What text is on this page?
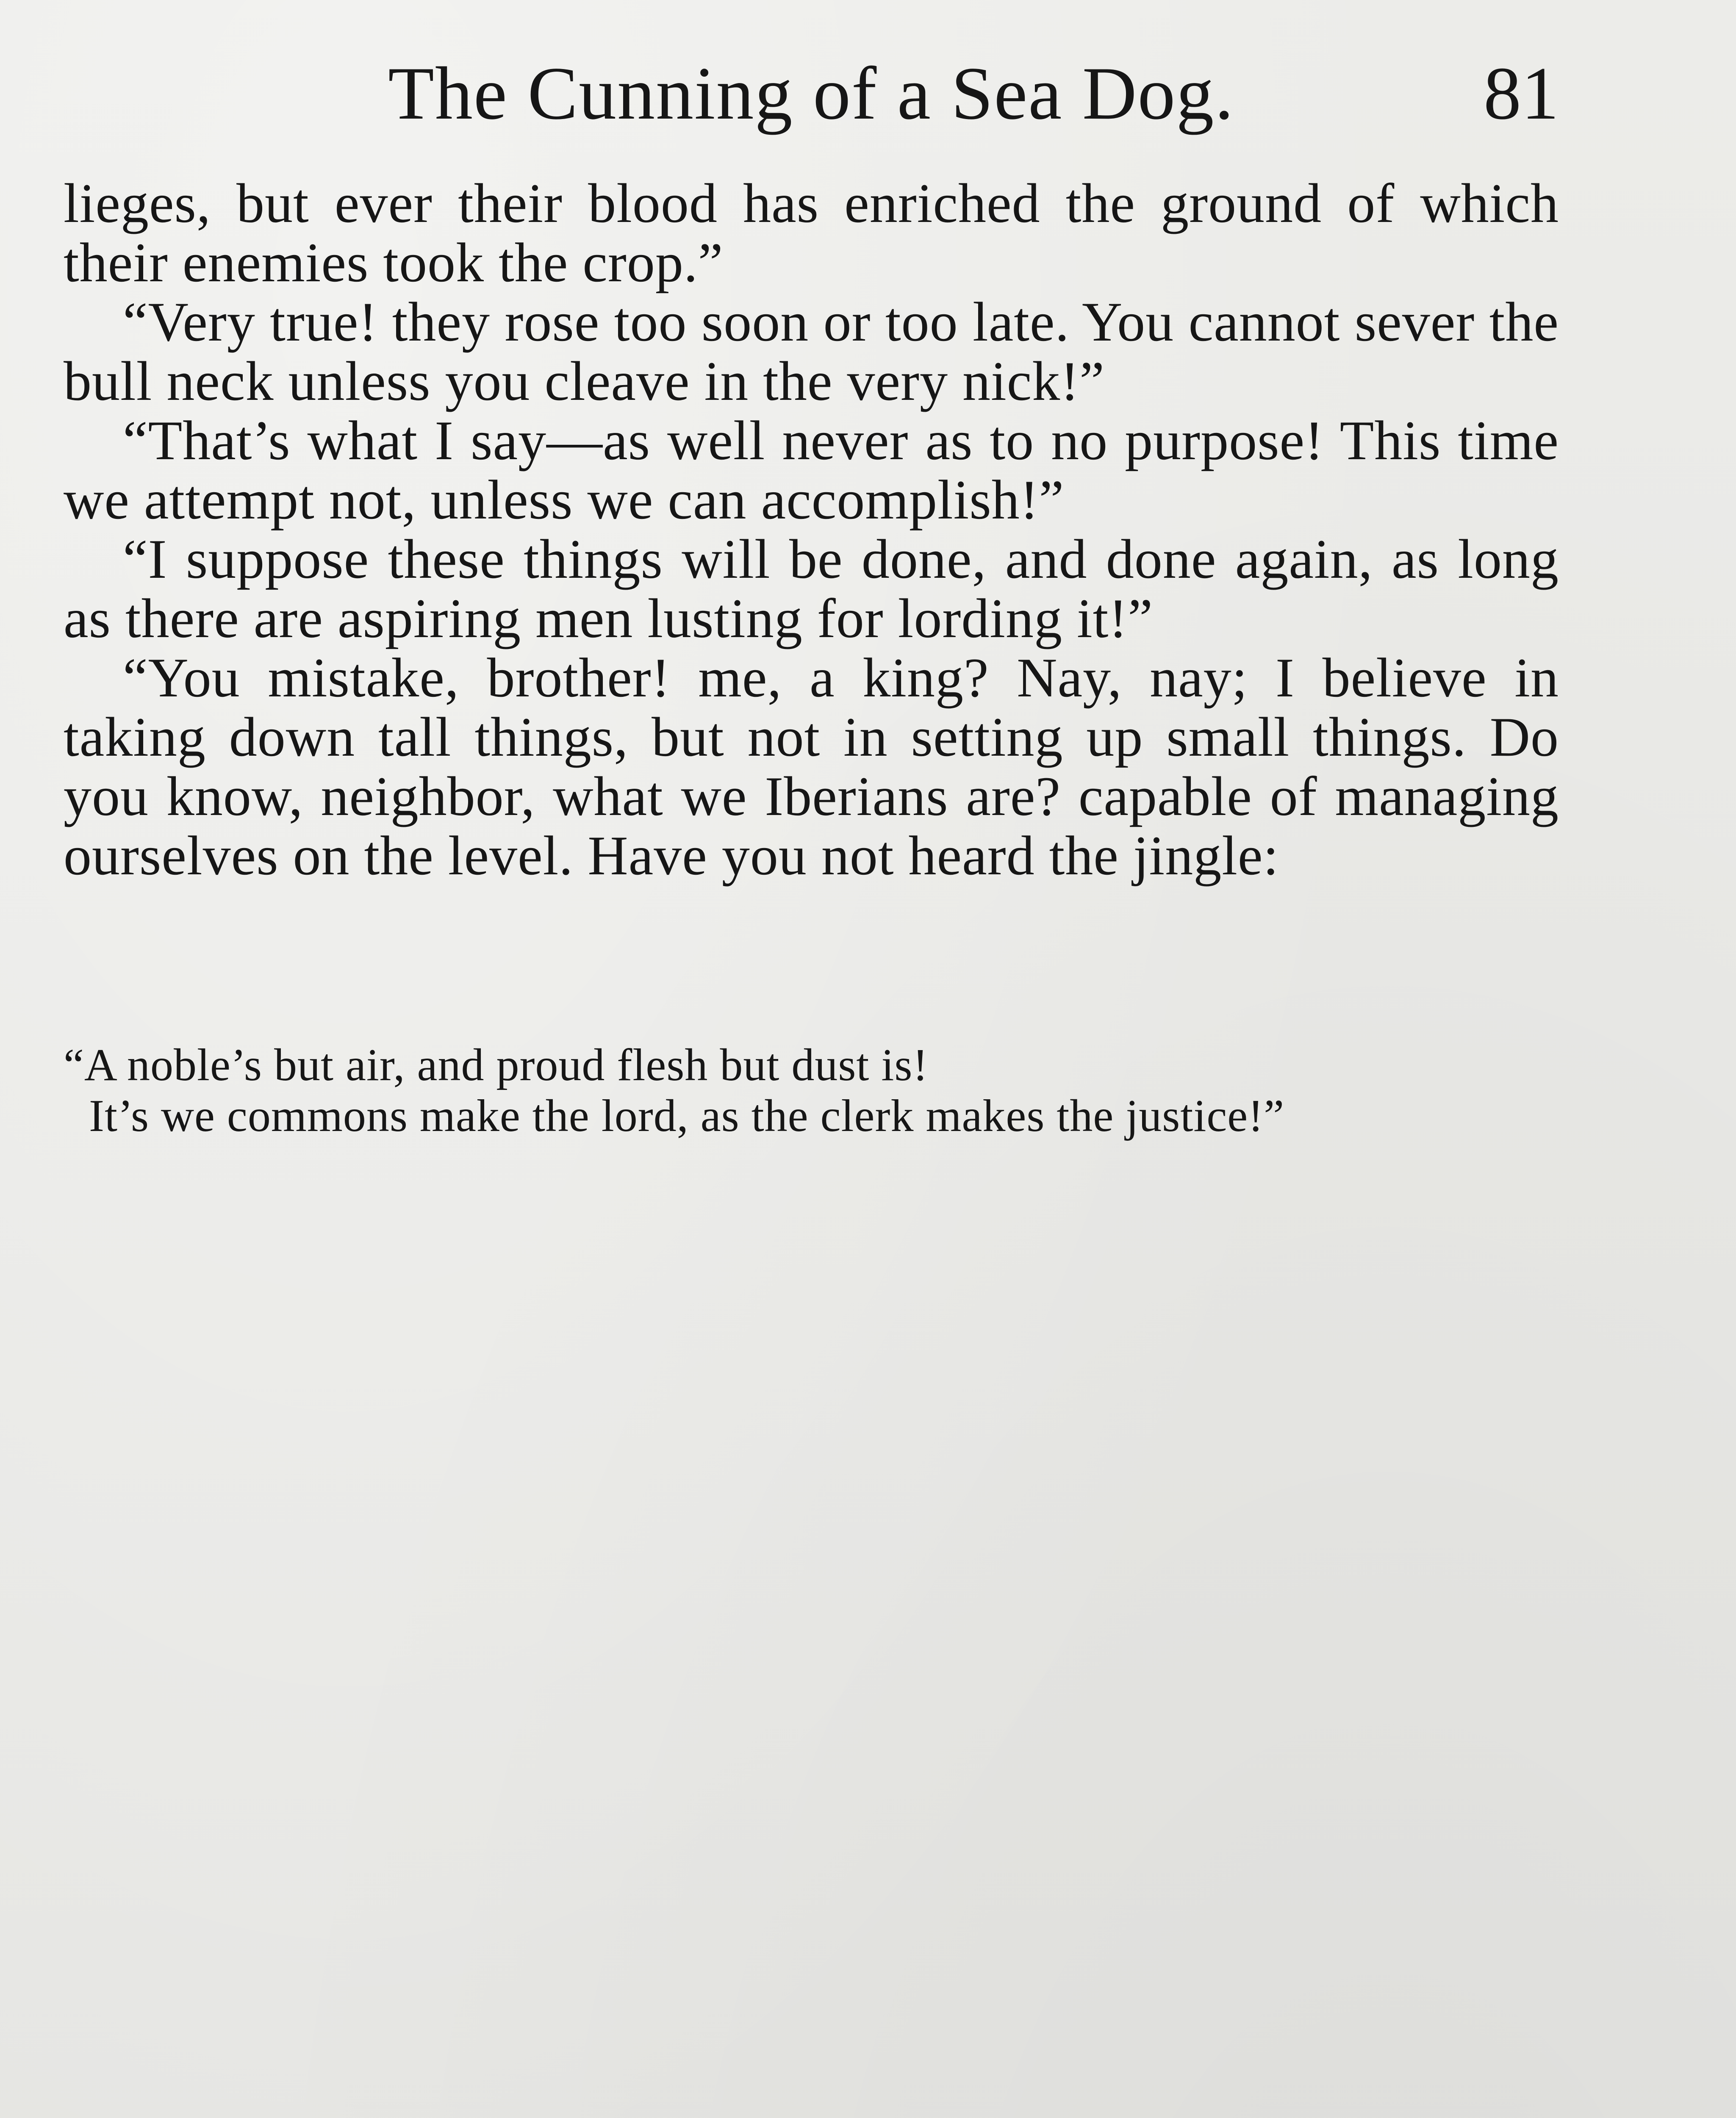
The Cunning of a Sea Dog.	81

lieges, but ever their blood has enriched the ground of which their enemies took the crop.”

“Very true! they rose too soon or too late. You cannot sever the bull neck unless you cleave in the very nick!”

“That’s what I say—as well never as to no purpose! This time we attempt not, unless we can accomplish!”

“I suppose these things will be done, and done again, as long as there are aspiring men lusting for lording it!”

“You mistake, brother! me, a king? Nay, nay; I believe in taking down tall things, but not in setting up small things. Do you know, neighbor, what we Iberians are? capable of managing ourselves on the level. Have you not heard the jingle:

“A noble’s but air, and proud flesh but dust is!
It’s we commons make the lord, as the clerk makes the justice!”
